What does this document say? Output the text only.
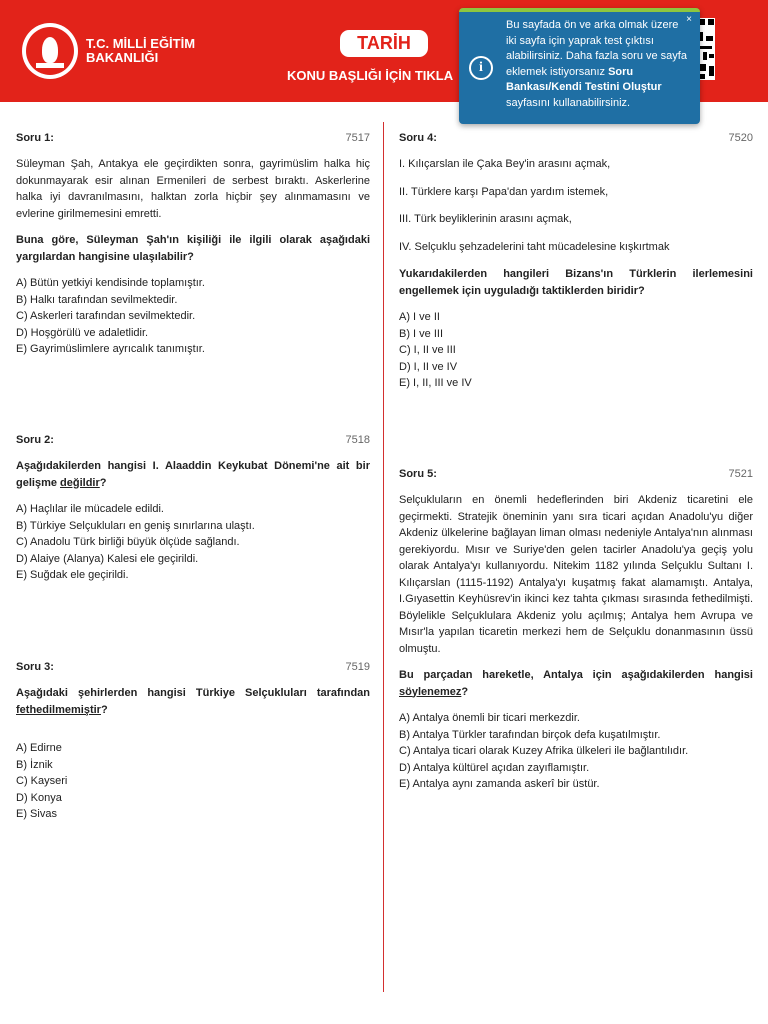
T.C. MİLLİ EĞİTİM
BAKANLIĞI
TARİH
KONU BAŞLIĞI İÇİN TIKLA
×
i
Bu sayfada ön ve arka olmak üzere iki sayfa için yaprak test çıktısı alabilirsiniz. Daha fazla soru ve sayfa eklemek istiyorsanız Soru Bankası/Kendi Testini Oluştur sayfasını kullanabilirsiniz.
Soru 1:	7517

Süleyman Şah, Antakya ele geçirdikten sonra, gayrimüslim halka hiç dokunmayarak esir alınan Ermenileri de serbest bıraktı. Askerlerine halka iyi davranılmasını, halktan zorla hiçbir şey alınmamasını ve evlerine girilmemesini emretti.

Buna göre, Süleyman Şah'ın kişiliği ile ilgili olarak aşağıdaki yargılardan hangisine ulaşılabilir?

A) Bütün yetkiyi kendisinde toplamıştır.
B) Halkı tarafından sevilmektedir.
C) Askerleri tarafından sevilmektedir.
D) Hoşgörülü ve adaletlidir.
E) Gayrimüslimlere ayrıcalık tanımıştır.
Soru 2:	7518

Aşağıdakilerden hangisi I. Alaaddin Keykubat Dönemi'ne ait bir gelişme değildir?

A) Haçlılar ile mücadele edildi.
B) Türkiye Selçukluları en geniş sınırlarına ulaştı.
C) Anadolu Türk birliği büyük ölçüde sağlandı.
D) Alaiye (Alanya) Kalesi ele geçirildi.
E) Suğdak ele geçirildi.
Soru 3:	7519

Aşağıdaki şehirlerden hangisi Türkiye Selçukluları tarafından fethedilmemiştir?

A) Edirne
B) İznik
C) Kayseri
D) Konya
E) Sivas
Soru 4:	7520
I. Kılıçarslan ile Çaka Bey'in arasını açmak,
II. Türklere karşı Papa'dan yardım istemek,
III. Türk beyliklerinin arasını açmak,
IV. Selçuklu şehzadelerini taht mücadelesine kışkırtmak

Yukarıdakilerden hangileri Bizans'ın Türklerin ilerlemesini engellemek için uyguladığı taktiklerden biridir?

A) I ve II
B) I ve III
C) I, II ve III
D) I, II ve IV
E) I, II, III ve IV
Soru 5:	7521

Selçukluların en önemli hedeflerinden biri Akdeniz ticaretini ele geçirmekti. Stratejik öneminin yanı sıra ticari açıdan Anadolu'yu diğer Akdeniz ülkelerine bağlayan liman olması nedeniyle Antalya'nın alınması gerekiyordu. Mısır ve Suriye'den gelen tacirler Anadolu'ya geçiş yolu olarak Antalya'yı kullanıyordu. Nitekim 1182 yılında Selçuklu Sultanı I. Kılıçarslan (1115-1192) Antalya'yı kuşatmış fakat alamamıştı. Antalya, I.Gıyasettin Keyhüsrev'in ikinci kez tahta çıkması sırasında fethedilmişti. Böylelikle Selçuklulara Akdeniz yolu açılmış; Antalya hem Avrupa ve Mısır'la yapılan ticaretin merkezi hem de Selçuklu donanmasının üssü olmuştu.

Bu parçadan hareketle, Antalya için aşağıdakilerden hangisi söylenemez?

A) Antalya önemli bir ticari merkezdir.
B) Antalya Türkler tarafından birçok defa kuşatılmıştır.
C) Antalya ticari olarak Kuzey Afrika ülkeleri ile bağlantılıdır.
D) Antalya kültürel açıdan zayıflamıştır.
E) Antalya aynı zamanda askerî bir üstür.
